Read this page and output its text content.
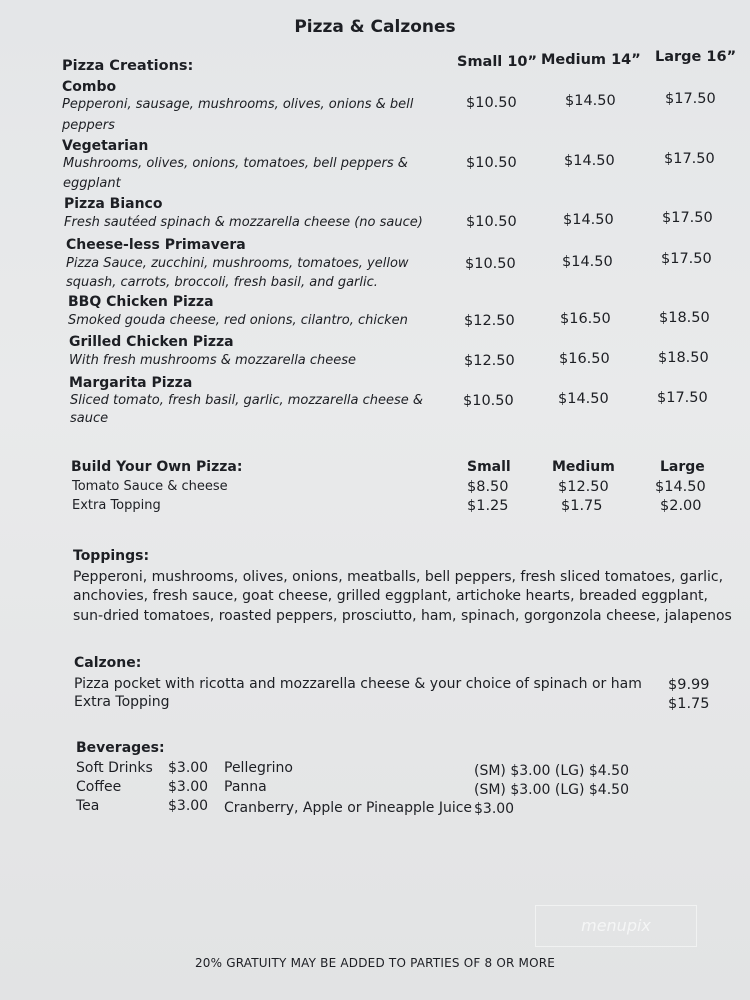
Pizza & Calzones
Pizza Creations:	Small 10” Medium 14” Large 16”
Combo
Pepperoni, sausage, mushrooms, olives, onions & bell
peppers
$10.50	$14.50	$17.50
Vegetarian
Mushrooms, olives, onions, tomatoes, bell peppers &
eggplant
$10.50	$14.50	$17.50
Pizza Bianco
Fresh sautéed spinach & mozzarella cheese (no sauce)	$10.50	$14.50	$17.50
Cheese-less Primavera
Pizza Sauce, zucchini, mushrooms, tomatoes, yellow
squash, carrots, broccoli, fresh basil, and garlic.
$10.50	$14.50	$17.50
BBQ Chicken Pizza
Smoked gouda cheese, red onions, cilantro, chicken	$12.50	$16.50	$18.50
Grilled Chicken Pizza
With fresh mushrooms & mozzarella cheese	$12.50	$16.50	$18.50
Margarita Pizza
Sliced tomato, fresh basil, garlic, mozzarella cheese &
sauce
$10.50	$14.50	$17.50
Build Your Own Pizza:	Small	Medium	Large
Tomato Sauce & cheese	$8.50	$12.50	$14.50
Extra Topping	$1.25	$1.75	$2.00
Toppings:
Pepperoni, mushrooms, olives, onions, meatballs, bell peppers, fresh sliced tomatoes, garlic,
anchovies, fresh sauce, goat cheese, grilled eggplant, artichoke hearts, breaded eggplant,
sun-dried tomatoes, roasted peppers, prosciutto, ham, spinach, gorgonzola cheese, jalapenos
Calzone:
Pizza pocket with ricotta and mozzarella cheese & your choice of spinach or ham $9.99
Extra Topping	$1.75
Beverages:
Soft Drinks $3.00 Pellegrino	(SM) $3.00 (LG) $4.50
Coffee	$3.00 Panna	(SM) $3.00 (LG) $4.50
Tea	$3.00 Cranberry, Apple or Pineapple Juice $3.00
menupix
20% GRATUITY MAY BE ADDED TO PARTIES OF 8 OR MORE
